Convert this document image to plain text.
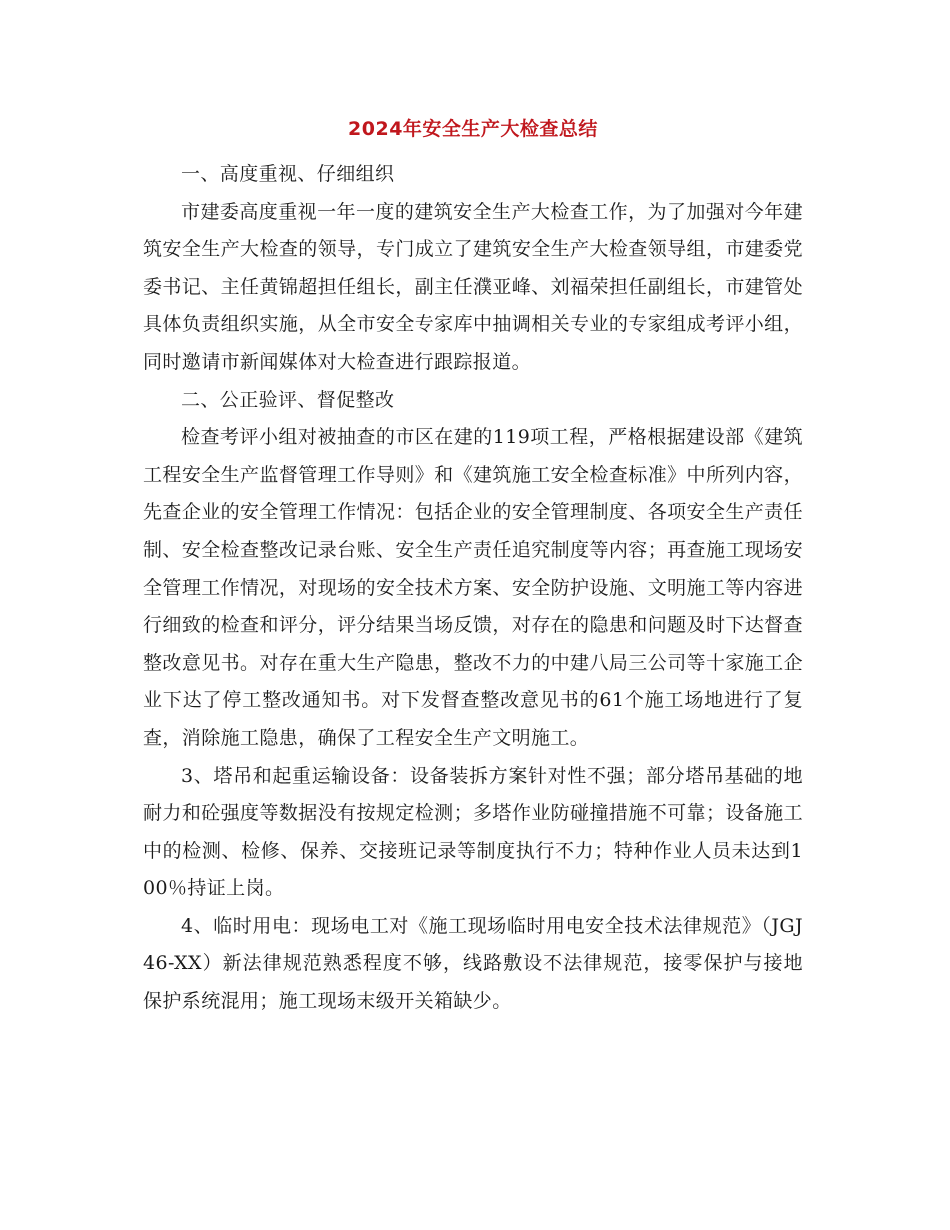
2024年安全生产大检查总结

一、高度重视、仔细组织

市建委高度重视一年一度的建筑安全生产大检查工作，为了加强对今年建筑安全生产大检查的领导，专门成立了建筑安全生产大检查领导组，市建委党委书记、主任黄锦超担任组长，副主任濮亚峰、刘福荣担任副组长，市建管处具体负责组织实施，从全市安全专家库中抽调相关专业的专家组成考评小组，同时邀请市新闻媒体对大检查进行跟踪报道。

二、公正验评、督促整改

检查考评小组对被抽查的市区在建的119项工程，严格根据建设部《建筑工程安全生产监督管理工作导则》和《建筑施工安全检查标准》中所列内容，先查企业的安全管理工作情况：包括企业的安全管理制度、各项安全生产责任制、安全检查整改记录台账、安全生产责任追究制度等内容；再查施工现场安全管理工作情况，对现场的安全技术方案、安全防护设施、文明施工等内容进行细致的检查和评分，评分结果当场反馈，对存在的隐患和问题及时下达督查整改意见书。对存在重大生产隐患，整改不力的中建八局三公司等十家施工企业下达了停工整改通知书。对下发督查整改意见书的61个施工场地进行了复查，消除施工隐患，确保了工程安全生产文明施工。

3、塔吊和起重运输设备：设备装拆方案针对性不强；部分塔吊基础的地耐力和砼强度等数据没有按规定检测；多塔作业防碰撞措施不可靠；设备施工中的检测、检修、保养、交接班记录等制度执行不力；特种作业人员未达到100％持证上岗。

4、临时用电：现场电工对《施工现场临时用电安全技术法律规范》（JGJ46-XX）新法律规范熟悉程度不够，线路敷设不法律规范，接零保护与接地保护系统混用；施工现场末级开关箱缺少。
